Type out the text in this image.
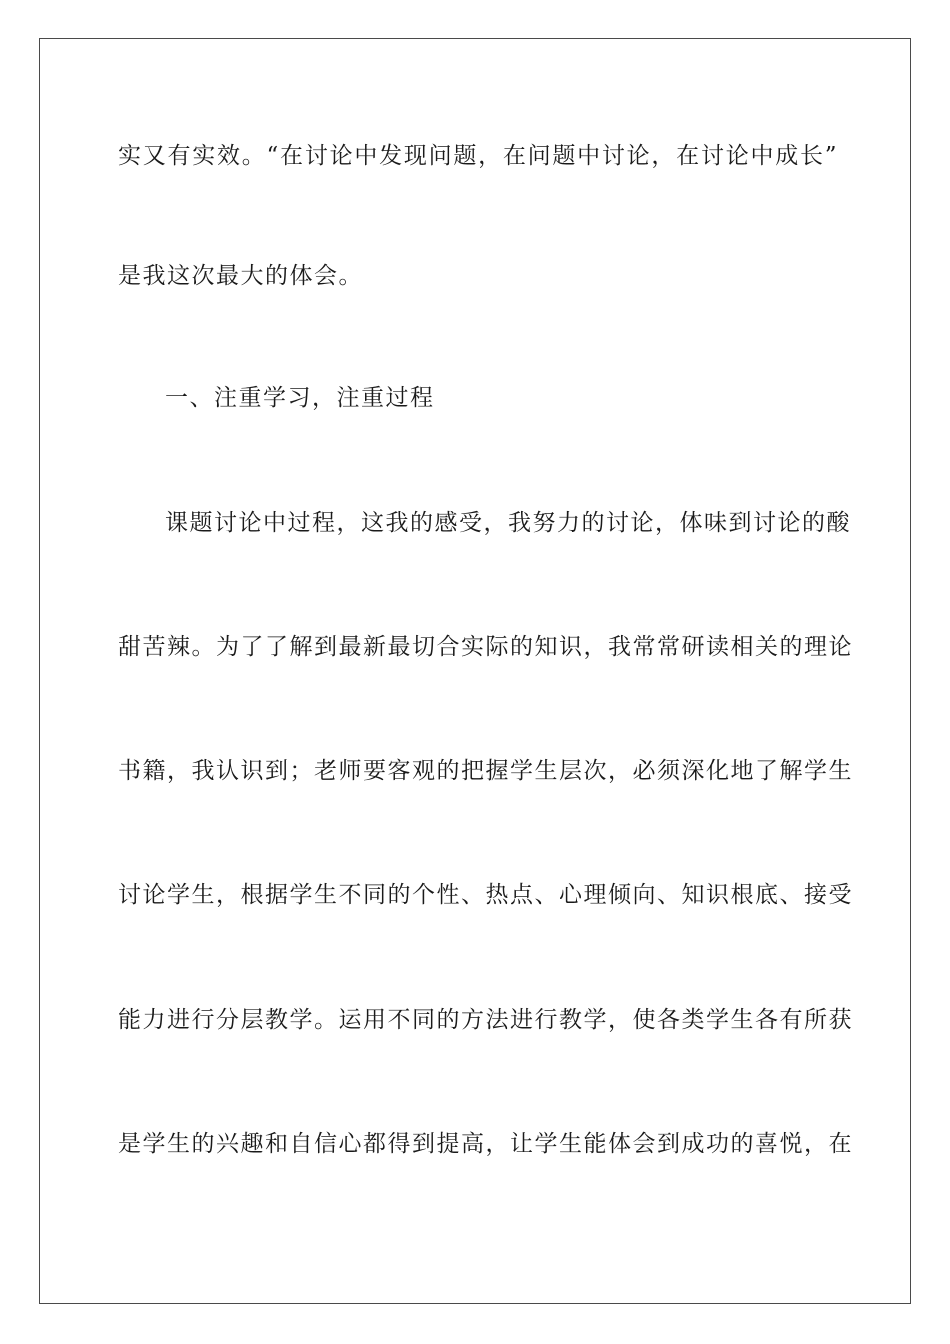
实又有实效。“在讨论中发现问题，在问题中讨论，在讨论中成长”
是我这次最大的体会。
一、注重学习，注重过程
课题讨论中过程，这我的感受，我努力的讨论，体味到讨论的酸
甜苦辣。为了了解到最新最切合实际的知识，我常常研读相关的理论
书籍，我认识到；老师要客观的把握学生层次，必须深化地了解学生
讨论学生，根据学生不同的个性、热点、心理倾向、知识根底、接受
能力进行分层教学。运用不同的方法进行教学，使各类学生各有所获
是学生的兴趣和自信心都得到提高，让学生能体会到成功的喜悦，在
